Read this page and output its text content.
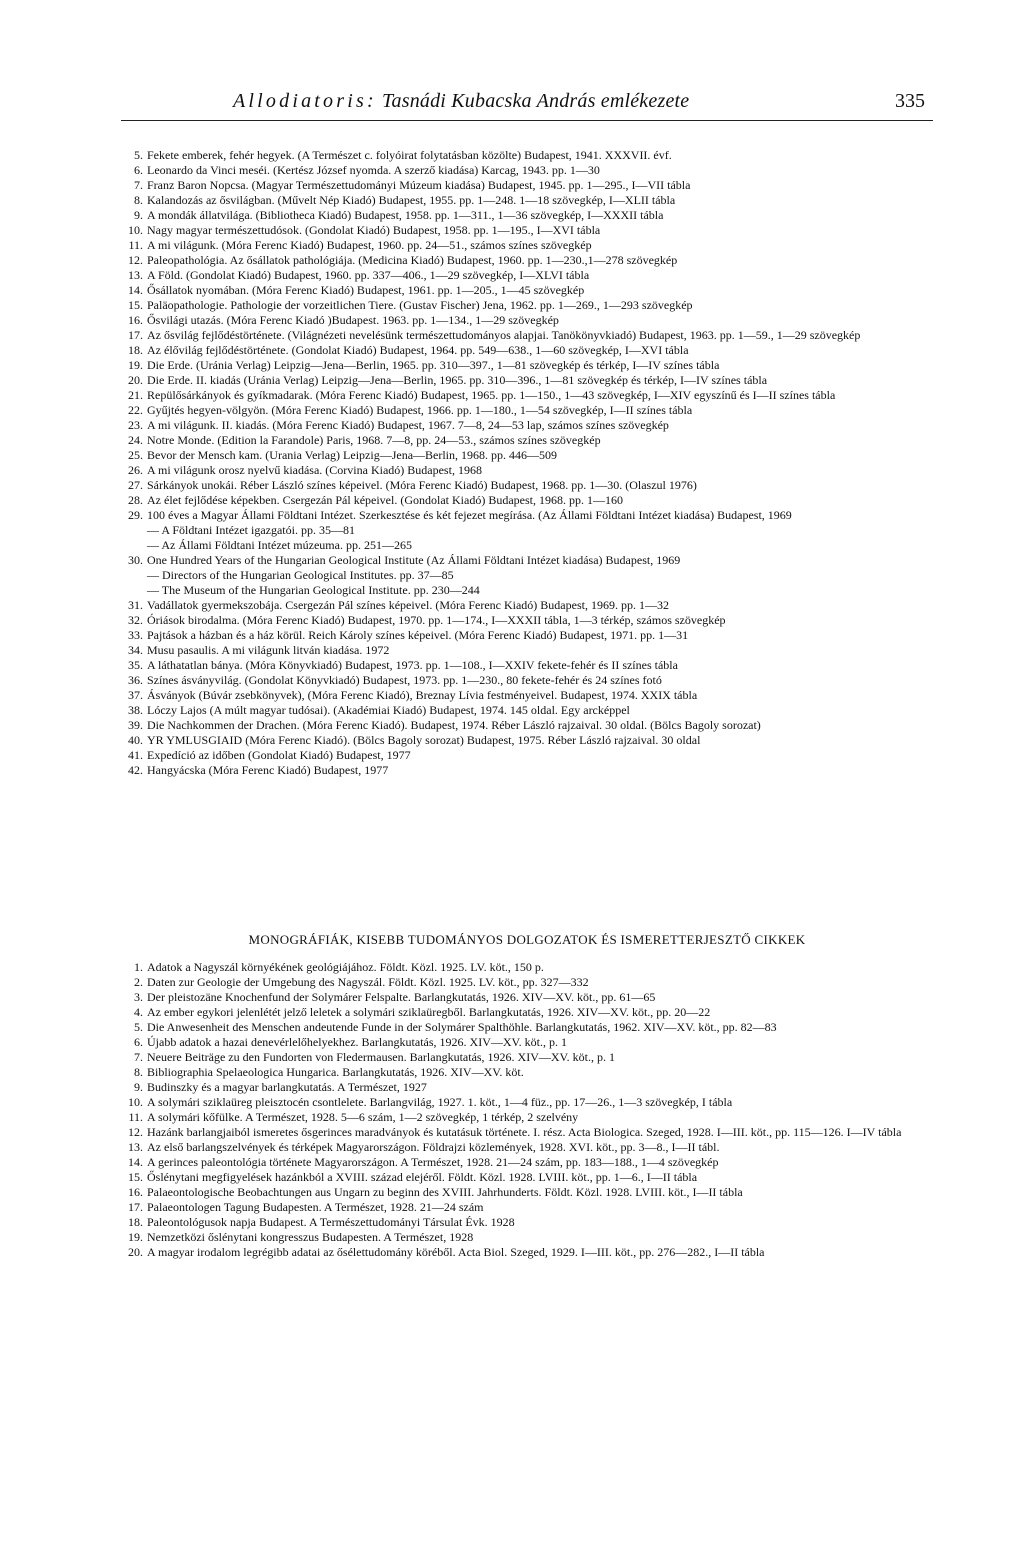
Allodiatoris: Tasnádi Kubacska András emlékezete	335
5. Fekete emberek, fehér hegyek. (A Természet c. folyóirat folytatásban közölte) Budapest, 1941. XXXVII. évf.
6. Leonardo da Vinci meséi. (Kertész József nyomda. A szerző kiadása) Karcag, 1943. pp. 1—30
7. Franz Baron Nopcsa. (Magyar Természettudományi Múzeum kiadása) Budapest, 1945. pp. 1—295., I—VII tábla
8. Kalandozás az ősvilágban. (Művelt Nép Kiadó) Budapest, 1955. pp. 1—248. 1—18 szövegkép, I—XLII tábla
9. A mondák állatvilága. (Bibliotheca Kiadó) Budapest, 1958. pp. 1—311., 1—36 szövegkép, I—XXXII tábla
10. Nagy magyar természettudósok. (Gondolat Kiadó) Budapest, 1958. pp. 1—195., I—XVI tábla
11. A mi világunk. (Móra Ferenc Kiadó) Budapest, 1960. pp. 24—51., számos színes szövegkép
12. Paleopathológia. Az ősállatok pathológiája. (Medicina Kiadó) Budapest, 1960. pp. 1—230.,1—278 szövegkép
13. A Föld. (Gondolat Kiadó) Budapest, 1960. pp. 337—406., 1—29 szövegkép, I—XLVI tábla
14. Ősállatok nyomában. (Móra Ferenc Kiadó) Budapest, 1961. pp. 1—205., 1—45 szövegkép
15. Paläopathologie. Pathologie der vorzeitlichen Tiere. (Gustav Fischer) Jena, 1962. pp. 1—269., 1—293 szövegkép
16. Ősvilági utazás. (Móra Ferenc Kiadó )Budapest. 1963. pp. 1—134., 1—29 szövegkép
17. Az ősvilág fejlődéstörténete. (Világnézeti nevelésünk természettudományos alapjai. Tanökönyvkiadó) Budapest, 1963. pp. 1—59., 1—29 szövegkép
18. Az élővilág fejlődéstörténete. (Gondolat Kiadó) Budapest, 1964. pp. 549—638., 1—60 szövegkép, I—XVI tábla
19. Die Erde. (Uránia Verlag) Leipzig—Jena—Berlin, 1965. pp. 310—397., 1—81 szövegkép és térkép, I—IV színes tábla
20. Die Erde. II. kiadás (Uránia Verlag) Leipzig—Jena—Berlin, 1965. pp. 310—396., 1—81 szövegkép és térkép, I—IV színes tábla
21. Repülősárkányok és gyíkmadarak. (Móra Ferenc Kiadó) Budapest, 1965. pp. 1—150., 1—43 szövegkép, I—XIV egyszínű és I—II színes tábla
22. Gyűjtés hegyen-völgyön. (Móra Ferenc Kiadó) Budapest, 1966. pp. 1—180., 1—54 szövegkép, I—II színes tábla
23. A mi világunk. II. kiadás. (Móra Ferenc Kiadó) Budapest, 1967. 7—8, 24—53 lap, számos színes szövegkép
24. Notre Monde. (Edition la Farandole) Paris, 1968. 7—8, pp. 24—53., számos színes szövegkép
25. Bevor der Mensch kam. (Urania Verlag) Leipzig—Jena—Berlin, 1968. pp. 446—509
26. A mi világunk orosz nyelvű kiadása. (Corvina Kiadó) Budapest, 1968
27. Sárkányok unokái. Réber László színes képeivel. (Móra Ferenc Kiadó) Budapest, 1968. pp. 1—30. (Olaszul 1976)
28. Az élet fejlődése képekben. Csergezán Pál képeivel. (Gondolat Kiadó) Budapest, 1968. pp. 1—160
29. 100 éves a Magyar Állami Földtani Intézet. Szerkesztése és két fejezet megírása. (Az Állami Földtani Intézet kiadása) Budapest, 1969
— A Földtani Intézet igazgatói. pp. 35—81
— Az Állami Földtani Intézet múzeuma. pp. 251—265
30. One Hundred Years of the Hungarian Geological Institute (Az Állami Földtani Intézet kiadása) Budapest, 1969
— Directors of the Hungarian Geological Institutes. pp. 37—85
— The Museum of the Hungarian Geological Institute. pp. 230—244
31. Vadállatok gyermekszobája. Csergezán Pál színes képeivel. (Móra Ferenc Kiadó) Budapest, 1969. pp. 1—32
32. Óriások birodalma. (Móra Ferenc Kiadó) Budapest, 1970. pp. 1—174., I—XXXII tábla, 1—3 térkép, számos szövegkép
33. Pajtások a házban és a ház körül. Reich Károly színes képeivel. (Móra Ferenc Kiadó) Budapest, 1971. pp. 1—31
34. Musu pasaulis. A mi világunk litván kiadása. 1972
35. A láthatatlan bánya. (Móra Könyvkiadó) Budapest, 1973. pp. 1—108., I—XXIV fekete-fehér és II színes tábla
36. Színes ásványvilág. (Gondolat Könyvkiadó) Budapest, 1973. pp. 1—230., 80 fekete-fehér és 24 színes fotó
37. Ásványok (Búvár zsebkönyvek), (Móra Ferenc Kiadó), Breznay Lívia festményeivel. Budapest, 1974. XXIX tábla
38. Lóczy Lajos (A múlt magyar tudósai). (Akadémiai Kiadó) Budapest, 1974. 145 oldal. Egy arcképpel
39. Die Nachkommen der Drachen. (Móra Ferenc Kiadó). Budapest, 1974. Réber László rajzaival. 30 oldal. (Bölcs Bagoly sorozat)
40. YR YMLUSGIAID (Móra Ferenc Kiadó). (Bölcs Bagoly sorozat) Budapest, 1975. Réber László rajzaival. 30 oldal
41. Expedíció az időben (Gondolat Kiadó) Budapest, 1977
42. Hangyácska (Móra Ferenc Kiadó) Budapest, 1977
MONOGRÁFIÁK, KISEBB TUDOMÁNYOS DOLGOZATOK ÉS ISMERETTERJESZTŐ CIKKEK
1. Adatok a Nagyszál környékének geológiájához. Földt. Közl. 1925. LV. köt., 150 p.
2. Daten zur Geologie der Umgebung des Nagyszál. Földt. Közl. 1925. LV. köt., pp. 327—332
3. Der pleistozäne Knochenfund der Solymárer Felspalte. Barlangkutatás, 1926. XIV—XV. köt., pp. 61—65
4. Az ember egykori jelenlétét jelző leletek a solymári sziklaüregből. Barlangkutatás, 1926. XIV—XV. köt., pp. 20—22
5. Die Anwesenheit des Menschen andeutende Funde in der Solymárer Spalthöhle. Barlangkutatás, 1962. XIV—XV. köt., pp. 82—83
6. Újabb adatok a hazai denevérlelőhelyekhez. Barlangkutatás, 1926. XIV—XV. köt., p. 1
7. Neuere Beiträge zu den Fundorten von Fledermausen. Barlangkutatás, 1926. XIV—XV. köt., p. 1
8. Bibliographia Spelaeologica Hungarica. Barlangkutatás, 1926. XIV—XV. köt.
9. Budinszky és a magyar barlangkutatás. A Természet, 1927
10. A solymári sziklaüreg pleisztocén csontlelete. Barlangvilág, 1927. 1. köt., 1—4 füz., pp. 17—26., 1—3 szövegkép, I tábla
11. A solymári kőfülke. A Természet, 1928. 5—6 szám, 1—2 szövegkép, 1 térkép, 2 szelvény
12. Hazánk barlangjaiból ismeretes ősgerinces maradványok és kutatásuk története. I. rész. Acta Biologica. Szeged, 1928. I—III. köt., pp. 115—126. I—IV tábla
13. Az első barlangszelvények és térképek Magyarországon. Földrajzi közlemények, 1928. XVI. köt., pp. 3—8., I—II tábl.
14. A gerinces paleontológia története Magyarországon. A Természet, 1928. 21—24 szám, pp. 183—188., 1—4 szövegkép
15. Őslénytani megfigyelések hazánkból a XVIII. század elejéről. Földt. Közl. 1928. LVIII. köt., pp. 1—6., I—II tábla
16. Palaeontologische Beobachtungen aus Ungarn zu beginn des XVIII. Jahrhunderts. Földt. Közl. 1928. LVIII. köt., I—II tábla
17. Palaeontologen Tagung Budapesten. A Természet, 1928. 21—24 szám
18. Paleontológusok napja Budapest. A Természettudományi Társulat Évk. 1928
19. Nemzetközi őslénytani kongresszus Budapesten. A Természet, 1928
20. A magyar irodalom legrégibb adatai az ősélettudomány köréből. Acta Biol. Szeged, 1929. I—III. köt., pp. 276—282., I—II tábla
